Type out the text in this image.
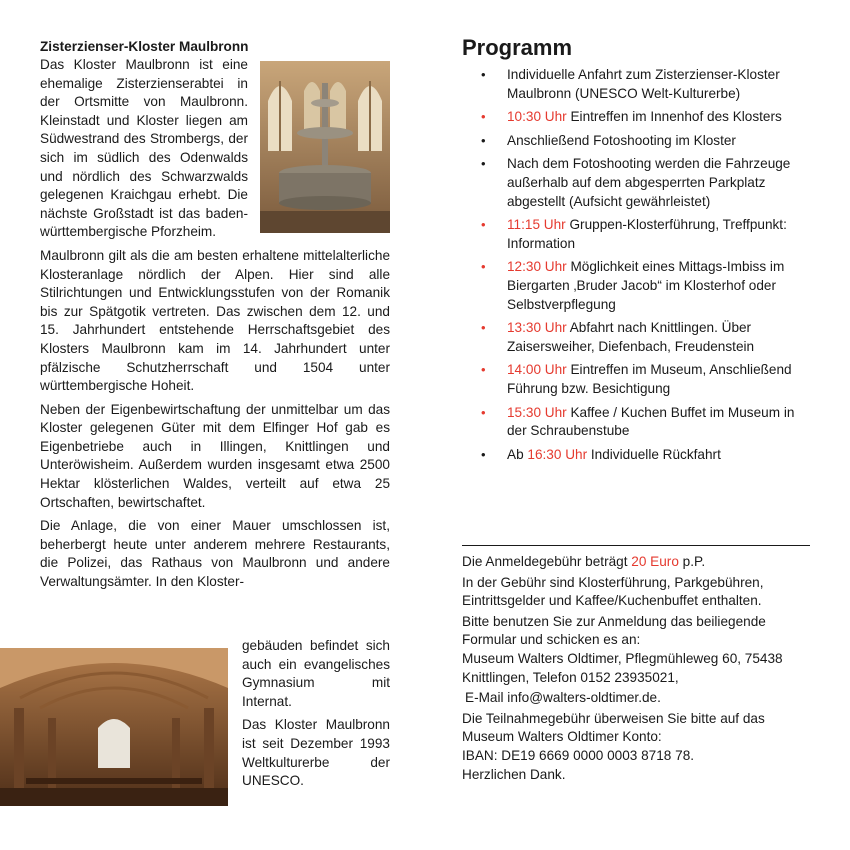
Zisterzienser-Kloster Maulbronn

Das Kloster Maulbronn ist eine ehemalige Zisterzienserabtei in der Ortsmitte von Maulbronn. Kleinstadt und Kloster liegen am Südwestrand des Strombergs, der sich im südlich des Odenwalds und nördlich des Schwarzwalds gelegenen Kraichgau erhebt. Die nächste Großstadt ist das baden-württembergische Pforzheim.

Maulbronn gilt als die am besten erhaltene mittelalterliche Klosteranlage nördlich der Alpen. Hier sind alle Stilrichtungen und Entwicklungsstufen von der Romanik bis zur Spätgotik vertreten. Das zwischen dem 12. und 15. Jahrhundert entstehende Herrschaftsgebiet des Klosters Maulbronn kam im 14. Jahrhundert unter pfälzische Schutzherrschaft und 1504 unter württembergische Hoheit.

Neben der Eigenbewirtschaftung der unmittelbar um das Kloster gelegenen Güter mit dem Elfinger Hof gab es Eigenbetriebe auch in Illingen, Knittlingen und Unteröwisheim. Außerdem wurden insgesamt etwa 2500 Hektar klösterlichen Waldes, verteilt auf etwa 25 Ortschaften, bewirtschaftet.

Die Anlage, die von einer Mauer umschlossen ist, beherbergt heute unter anderem mehrere Restaurants, die Polizei, das Rathaus von Maulbronn und andere Verwaltungsämter. In den Kloster-

gebäuden befindet sich auch ein evangelisches Gymnasium mit Internat.

Das Kloster Maulbronn ist seit Dezember 1993 Weltkulturerbe der UNESCO.

Programm
• Individuelle Anfahrt zum Zisterzienser-Kloster Maulbronn (UNESCO Welt-Kulturerbe)
• 10:30 Uhr Eintreffen im Innenhof des Klosters
• Anschließend Fotoshooting im Kloster
• Nach dem Fotoshooting werden die Fahrzeuge außerhalb auf dem abgesperrten Parkplatz abgestellt (Aufsicht gewährleistet)
• 11:15 Uhr Gruppen-Klosterführung, Treffpunkt: Information
• 12:30 Uhr Möglichkeit eines Mittags-Imbiss im Biergarten ‚Bruder Jacob“ im Klosterhof oder Selbstverpflegung
• 13:30 Uhr Abfahrt nach Knittlingen. Über Zaisersweiher, Diefenbach, Freudenstein
• 14:00 Uhr Eintreffen im Museum, Anschließend Führung bzw. Besichtigung
• 15:30 Uhr Kaffee / Kuchen Buffet im Museum in der Schraubenstube
• Ab 16:30 Uhr Individuelle Rückfahrt

Die Anmeldegebühr beträgt 20 Euro p.P.

In der Gebühr sind Klosterführung, Parkgebühren, Eintrittsgelder und Kaffee/Kuchenbuffet enthalten.

Bitte benutzen Sie zur Anmeldung das beiliegende Formular und schicken es an:

Museum Walters Oldtimer, Pflegmühleweg 60, 75438 Knittlingen, Telefon 0152 23935021,

E-Mail info@walters-oldtimer.de.

Die Teilnahmegebühr überweisen Sie bitte auf das Museum Walters Oldtimer Konto:

IBAN: DE19 6669 0000 0003 8718 78.

Herzlichen Dank.
